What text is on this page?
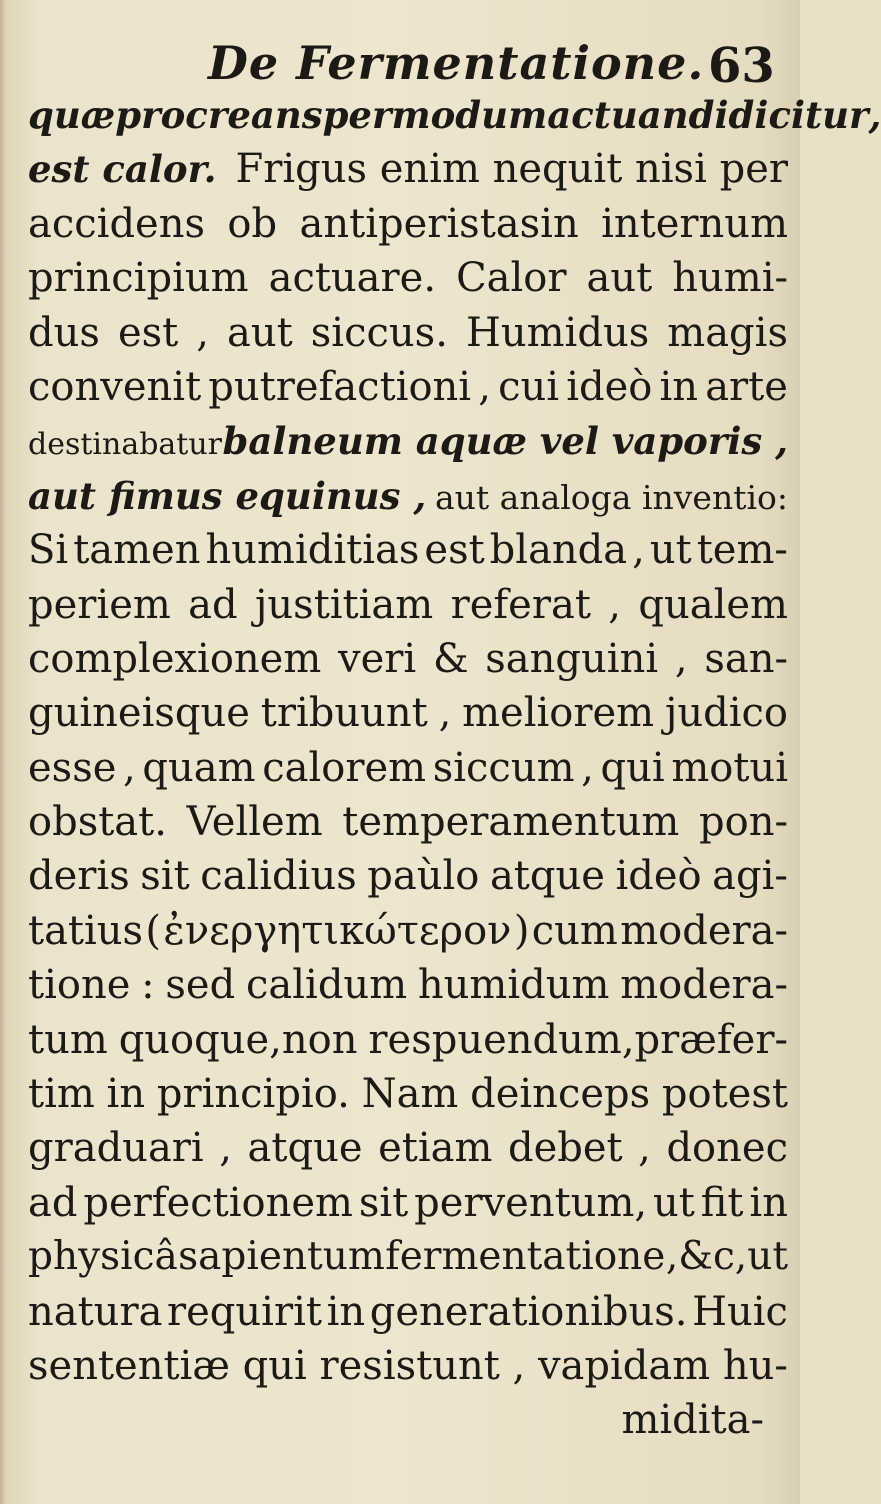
De Fermentatione. 63
quæ procreans per modum actuandi dicitur ,
est calor. Frigus enim nequit nisi per
accidens ob antiperistasin internum
principium actuare. Calor aut humi-
dus est , aut siccus. Humidus magis
convenit putrefactioni , cui ideò in arte
destinabatur balneum aquæ vel vaporis ,
aut fimus equinus , aut analoga inventio:
Si tamen humiditias est blanda , ut tem-
periem ad justitiam referat , qualem
complexionem veri & sanguini , san-
guineisque tribuunt , meliorem judico
esse , quam calorem siccum , qui motui
obstat. Vellem temperamentum pon-
deris sit calidius paùlo atque ideò agi-
tatius ( ἐνεργητικώτερον ) cum modera-
tione : sed calidum humidum modera-
tum quoque,non respuendum,præfer-
tim in principio. Nam deinceps potest
graduari , atque etiam debet , donec
ad perfectionem sit perventum, ut fit in
physicâ sapientum fermentatione ,&c,ut
natura requirit in generationibus. Huic
sententiæ qui resistunt , vapidam hu-
midita-
